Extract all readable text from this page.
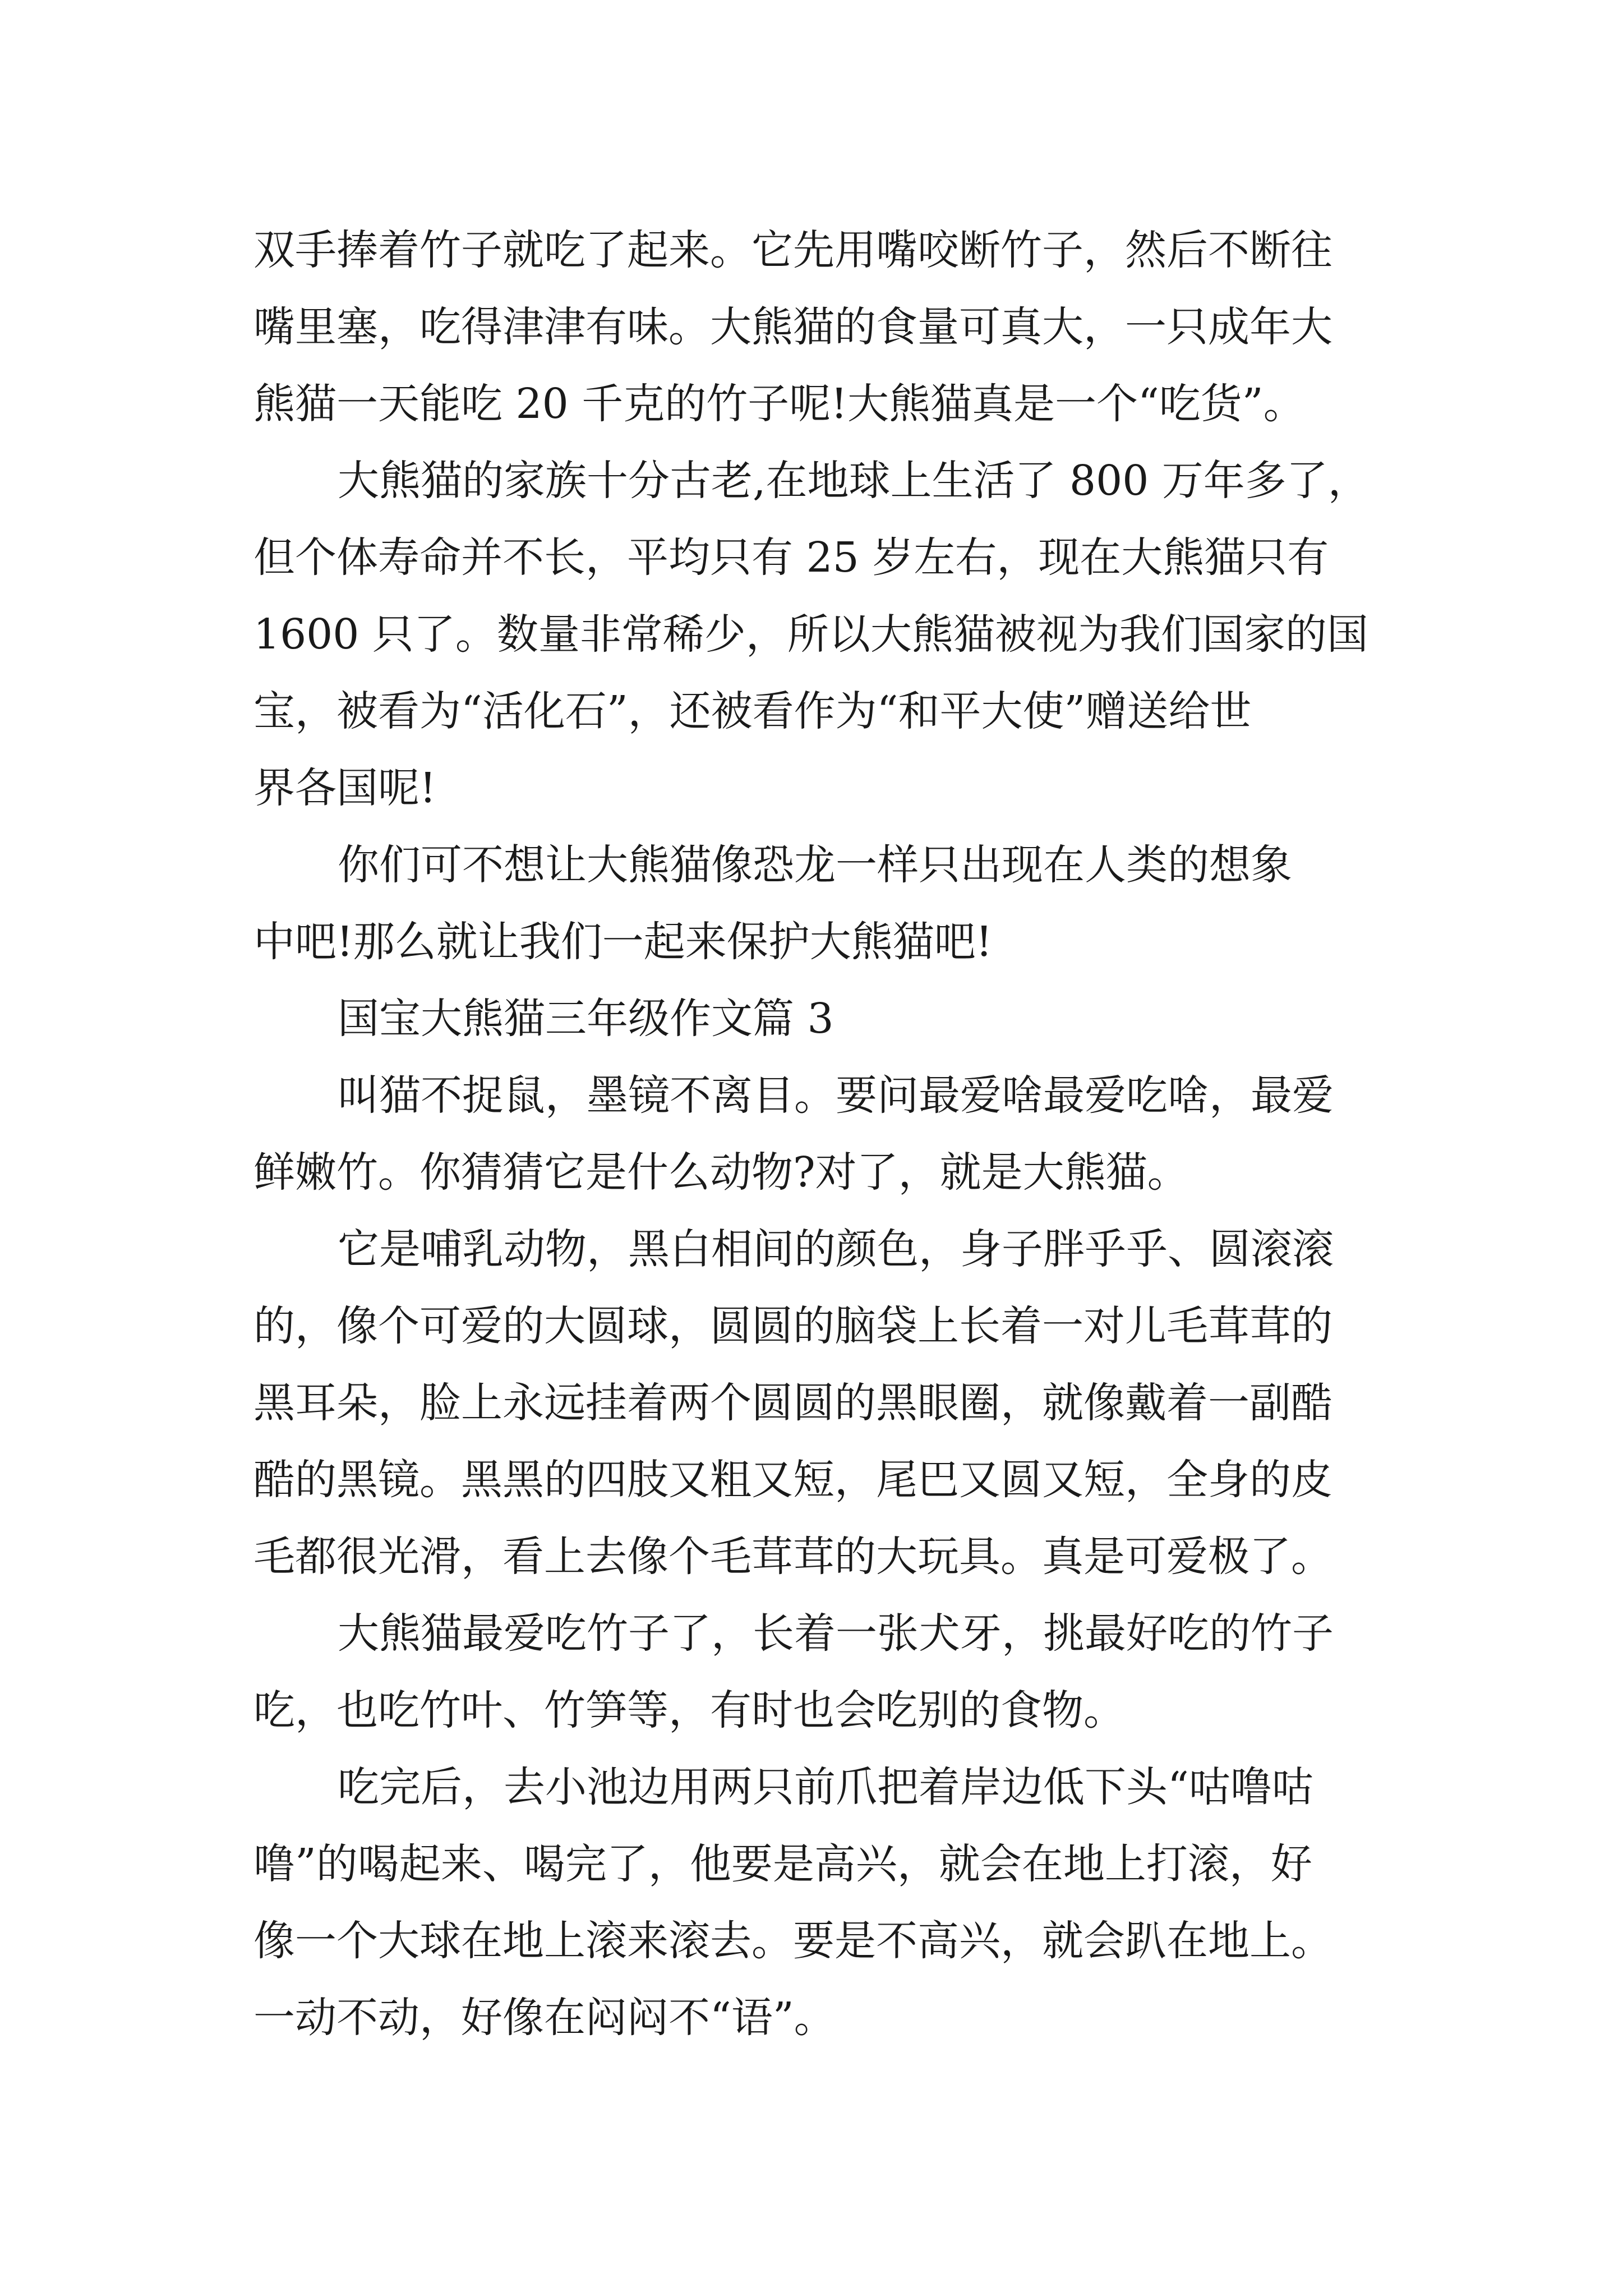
双手捧着竹子就吃了起来。它先用嘴咬断竹子，然后不断往
嘴里塞，吃得津津有味。大熊猫的食量可真大，一只成年大
熊猫一天能吃 20 千克的竹子呢!大熊猫真是一个“吃货”。
大熊猫的家族十分古老,在地球上生活了 800 万年多了，
但个体寿命并不长，平均只有 25 岁左右，现在大熊猫只有
1600 只了。数量非常稀少，所以大熊猫被视为我们国家的国
宝，被看为“活化石”，还被看作为“和平大使”赠送给世
界各国呢!
你们可不想让大熊猫像恐龙一样只出现在人类的想象
中吧!那么就让我们一起来保护大熊猫吧!
国宝大熊猫三年级作文篇 3
叫猫不捉鼠，墨镜不离目。要问最爱啥最爱吃啥，最爱
鲜嫩竹。你猜猜它是什么动物?对了，就是大熊猫。
它是哺乳动物，黑白相间的颜色，身子胖乎乎、圆滚滚
的，像个可爱的大圆球，圆圆的脑袋上长着一对儿毛茸茸的
黑耳朵，脸上永远挂着两个圆圆的黑眼圈，就像戴着一副酷
酷的黑镜。黑黑的四肢又粗又短，尾巴又圆又短，全身的皮
毛都很光滑，看上去像个毛茸茸的大玩具。真是可爱极了。
大熊猫最爱吃竹子了，长着一张犬牙，挑最好吃的竹子
吃，也吃竹叶、竹笋等，有时也会吃别的食物。
吃完后，去小池边用两只前爪把着岸边低下头“咕噜咕
噜”的喝起来、喝完了，他要是高兴，就会在地上打滚，好
像一个大球在地上滚来滚去。要是不高兴，就会趴在地上。
一动不动，好像在闷闷不“语”。
